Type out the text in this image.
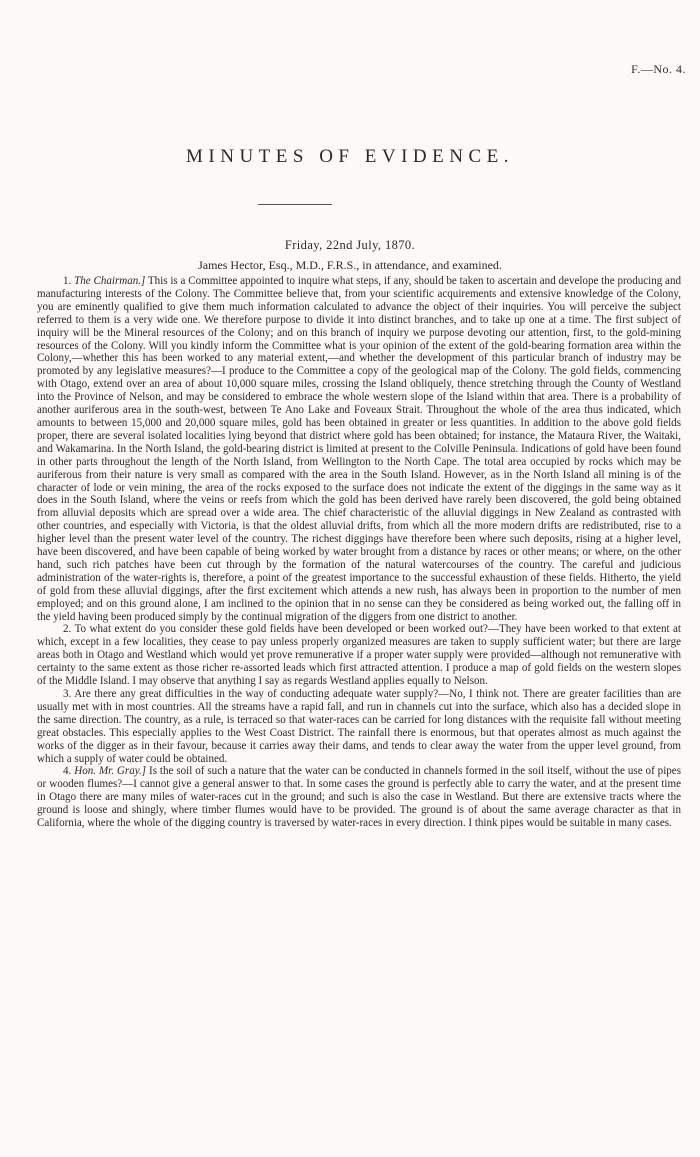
F.—No. 4.
MINUTES OF EVIDENCE.
Friday, 22nd July, 1870.
James Hector, Esq., M.D., F.R.S., in attendance, and examined.

1. The Chairman.] This is a Committee appointed to inquire what steps, if any, should be taken to ascertain and develope the producing and manufacturing interests of the Colony. The Committee believe that, from your scientific acquirements and extensive knowledge of the Colony, you are eminently qualified to give them much information calculated to advance the object of their inquiries. You will perceive the subject referred to them is a very wide one. We therefore purpose to divide it into distinct branches, and to take up one at a time. The first subject of inquiry will be the Mineral resources of the Colony; and on this branch of inquiry we purpose devoting our attention, first, to the gold-mining resources of the Colony. Will you kindly inform the Committee what is your opinion of the extent of the gold-bearing formation area within the Colony,—whether this has been worked to any material extent,—and whether the development of this particular branch of industry may be promoted by any legislative measures?—I produce to the Committee a copy of the geological map of the Colony. The gold fields, commencing with Otago, extend over an area of about 10,000 square miles, crossing the Island obliquely, thence stretching through the County of Westland into the Province of Nelson, and may be considered to embrace the whole western slope of the Island within that area. There is a probability of another auriferous area in the south-west, between Te Ano Lake and Foveaux Strait. Throughout the whole of the area thus indicated, which amounts to between 15,000 and 20,000 square miles, gold has been obtained in greater or less quantities. In addition to the above gold fields proper, there are several isolated localities lying beyond that district where gold has been obtained; for instance, the Mataura River, the Waitaki, and Wakamarina. In the North Island, the gold-bearing district is limited at present to the Colville Peninsula. Indications of gold have been found in other parts throughout the length of the North Island, from Wellington to the North Cape. The total area occupied by rocks which may be auriferous from their nature is very small as compared with the area in the South Island. However, as in the North Island all mining is of the character of lode or vein mining, the area of the rocks exposed to the surface does not indicate the extent of the diggings in the same way as it does in the South Island, where the veins or reefs from which the gold has been derived have rarely been discovered, the gold being obtained from alluvial deposits which are spread over a wide area. The chief characteristic of the alluvial diggings in New Zealand as contrasted with other countries, and especially with Victoria, is that the oldest alluvial drifts, from which all the more modern drifts are redistributed, rise to a higher level than the present water level of the country. The richest diggings have therefore been where such deposits, rising at a higher level, have been discovered, and have been capable of being worked by water brought from a distance by races or other means; or where, on the other hand, such rich patches have been cut through by the formation of the natural watercourses of the country. The careful and judicious administration of the water-rights is, therefore, a point of the greatest importance to the successful exhaustion of these fields. Hitherto, the yield of gold from these alluvial diggings, after the first excitement which attends a new rush, has always been in proportion to the number of men employed; and on this ground alone, I am inclined to the opinion that in no sense can they be considered as being worked out, the falling off in the yield having been produced simply by the continual migration of the diggers from one district to another.

2. To what extent do you consider these gold fields have been developed or been worked out?—They have been worked to that extent at which, except in a few localities, they cease to pay unless properly organized measures are taken to supply sufficient water; but there are large areas both in Otago and Westland which would yet prove remunerative if a proper water supply were provided—although not remunerative with certainty to the same extent as those richer re-assorted leads which first attracted attention. I produce a map of gold fields on the western slopes of the Middle Island. I may observe that anything I say as regards Westland applies equally to Nelson.

3. Are there any great difficulties in the way of conducting adequate water supply?—No, I think not. There are greater facilities than are usually met with in most countries. All the streams have a rapid fall, and run in channels cut into the surface, which also has a decided slope in the same direction. The country, as a rule, is terraced so that water-races can be carried for long distances with the requisite fall without meeting great obstacles. This especially applies to the West Coast District. The rainfall there is enormous, but that operates almost as much against the works of the digger as in their favour, because it carries away their dams, and tends to clear away the water from the upper level ground, from which a supply of water could be obtained.

4. Hon. Mr. Gray.] Is the soil of such a nature that the water can be conducted in channels formed in the soil itself, without the use of pipes or wooden flumes?—I cannot give a general answer to that. In some cases the ground is perfectly able to carry the water, and at the present time in Otago there are many miles of water-races cut in the ground; and such is also the case in Westland. But there are extensive tracts where the ground is loose and shingly, where timber flumes would have to be provided. The ground is of about the same average character as that in California, where the whole of the digging country is traversed by water-races in every direction. I think pipes would be suitable in many cases.
